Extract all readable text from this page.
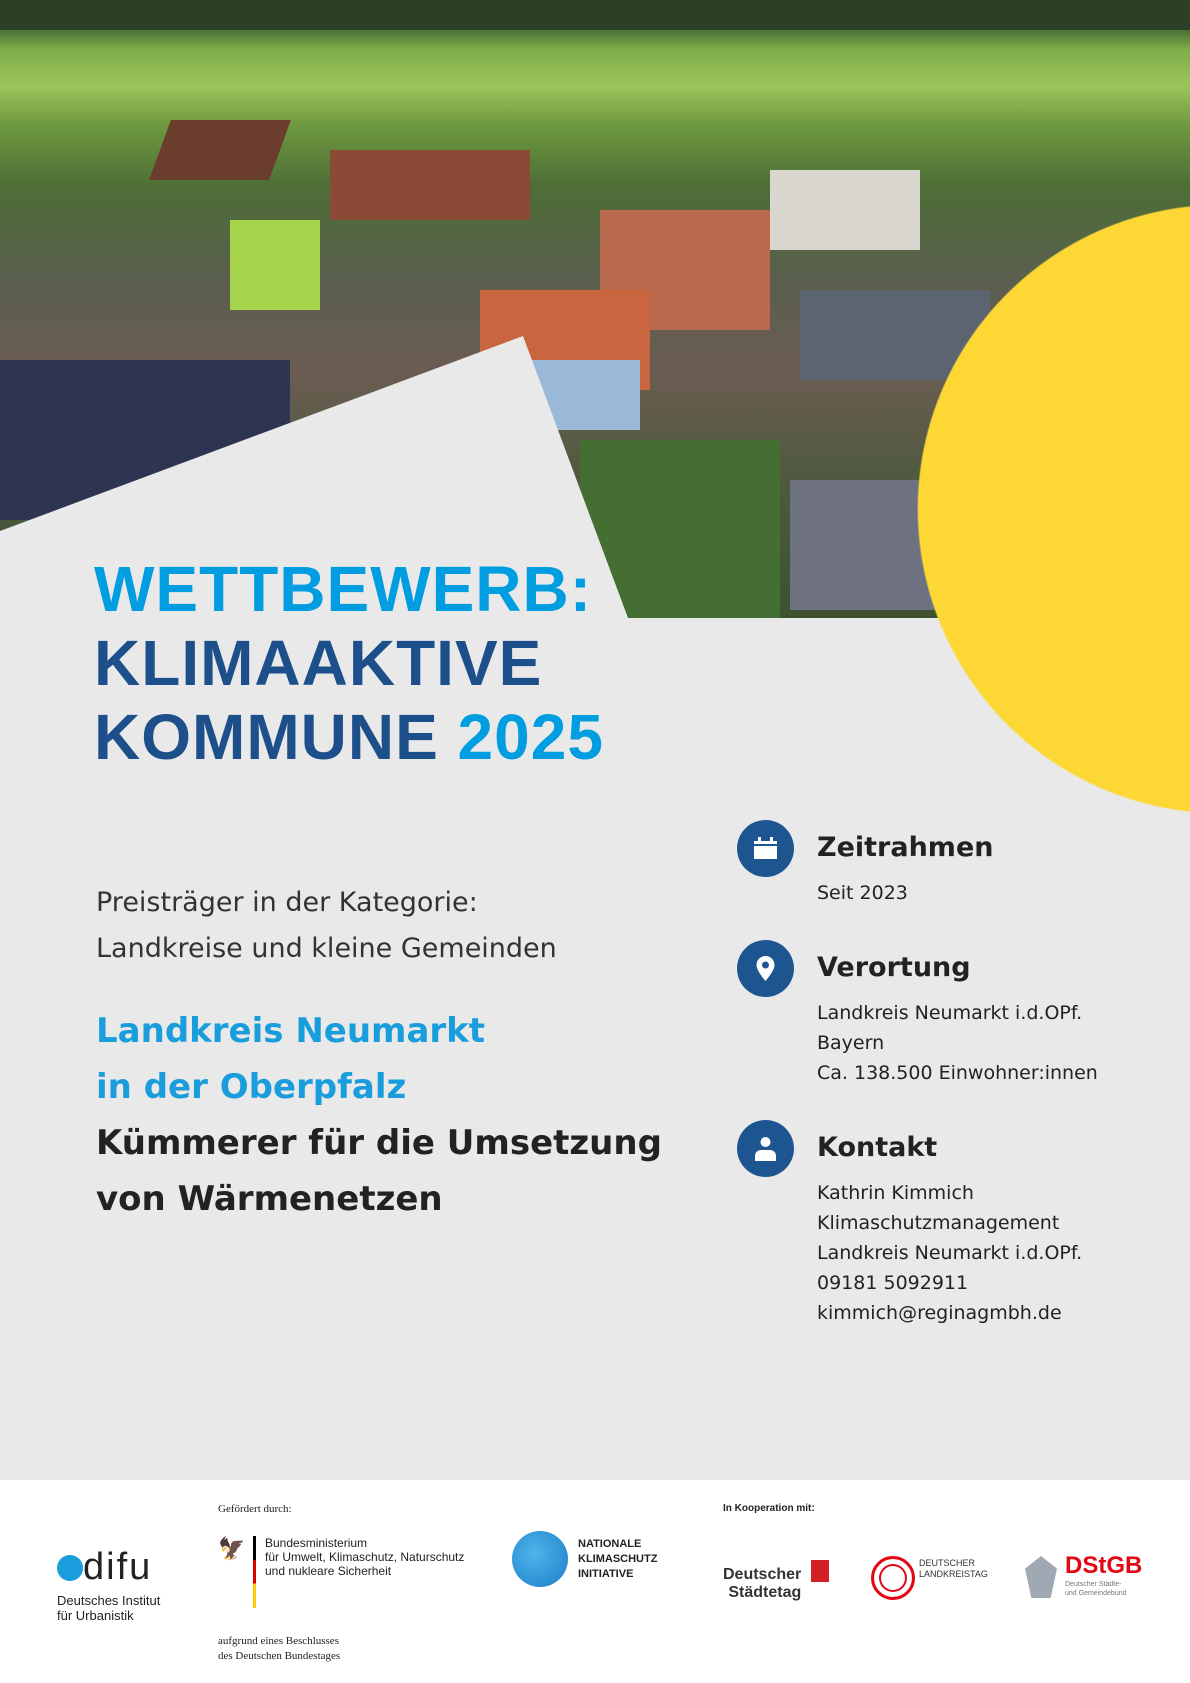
WETTBEWERB:
KLIMAAKTIVE
KOMMUNE 2025
Preisträger in der Kategorie:
Landkreise und kleine Gemeinden
Landkreis Neumarkt
in der Oberpfalz
Kümmerer für die Umsetzung
von Wärmenetzen
Zeitrahmen
Seit 2023
Verortung
Landkreis Neumarkt i.d.OPf.
Bayern
Ca. 138.500 Einwohner:innen
Kontakt
Kathrin Kimmich
Klimaschutzmanagement
Landkreis Neumarkt i.d.OPf.
09181 5092911
kimmich@reginagmbh.de
difu
Deutsches Institut
für Urbanistik
Gefördert durch:
🦅 Bundesministerium
für Umwelt, Klimaschutz, Naturschutz
und nukleare Sicherheit
aufgrund eines Beschlusses
des Deutschen Bundestages
NATIONALE
KLIMASCHUTZ
INITIATIVE
In Kooperation mit:
Deutscher
Städtetag
DEUTSCHER
LANDKREISTAG	DStGB
Deutscher Städte-
und Gemeindebund
